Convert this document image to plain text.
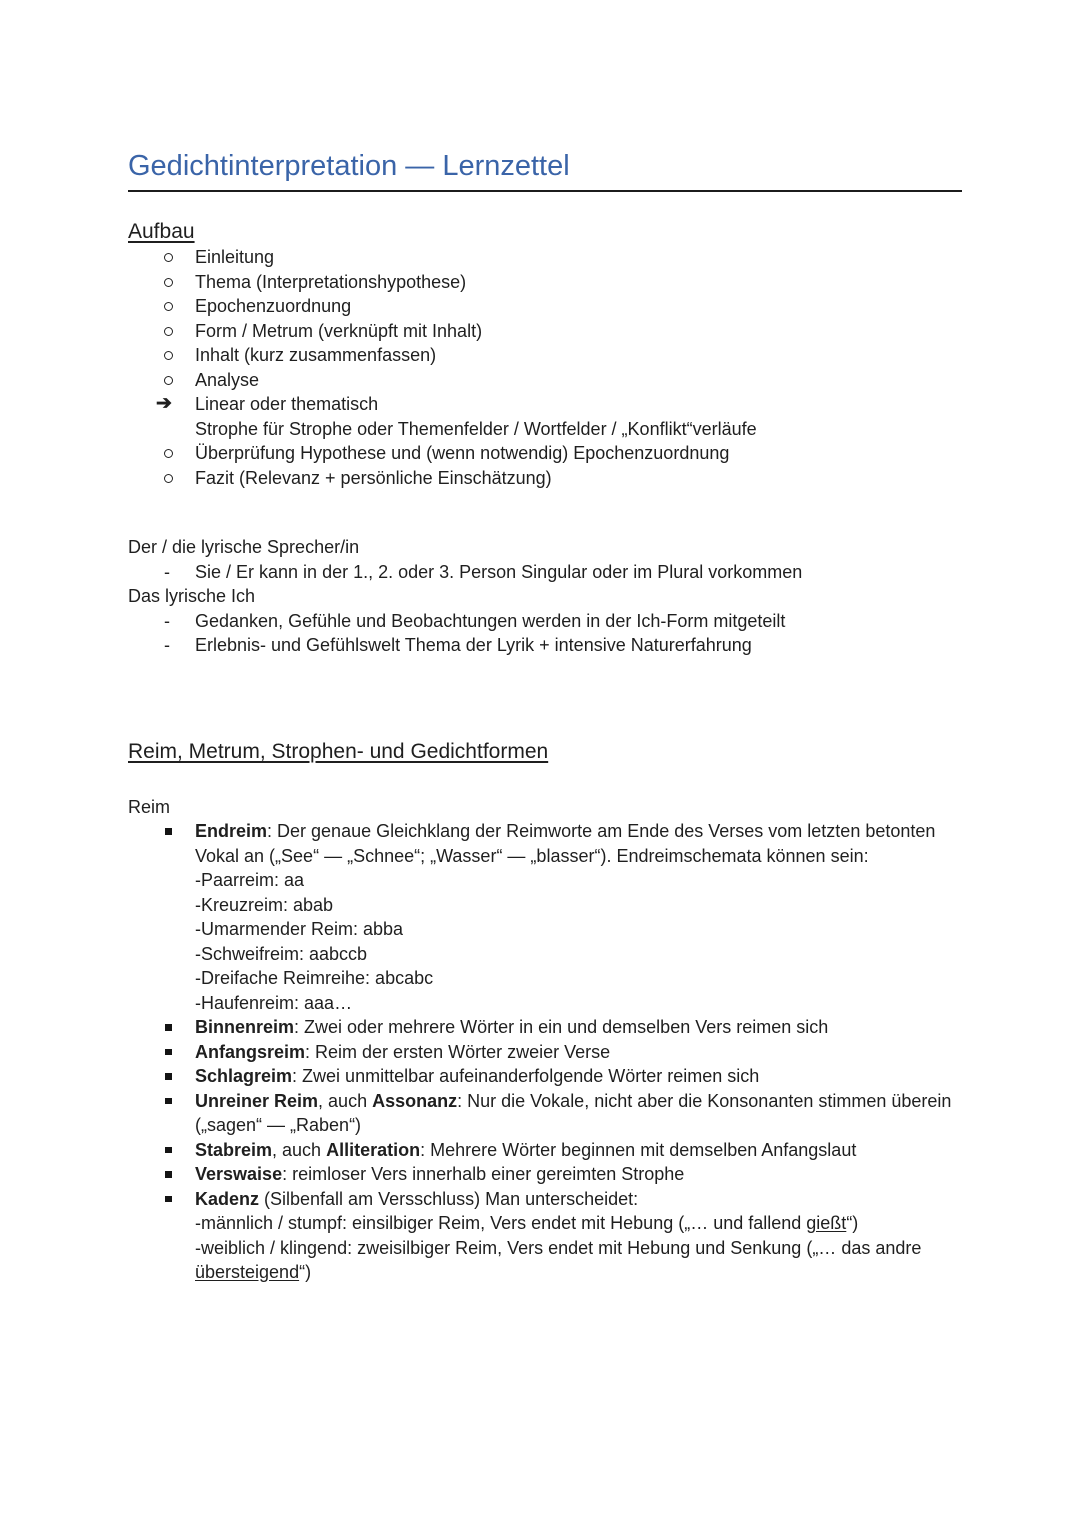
Gedichtinterpretation — Lernzettel
Aufbau
Einleitung
Thema (Interpretationshypothese)
Epochenzuordnung
Form / Metrum (verknüpft mit Inhalt)
Inhalt (kurz zusammenfassen)
Analyse
➔ Linear oder thematisch
Strophe für Strophe oder Themenfelder / Wortfelder / „Konflikt“verläufe
Überprüfung Hypothese und (wenn notwendig) Epochenzuordnung
Fazit (Relevanz + persönliche Einschätzung)
Der / die lyrische Sprecher/in
- Sie / Er kann in der 1., 2. oder 3. Person Singular oder im Plural vorkommen
Das lyrische Ich
- Gedanken, Gefühle und Beobachtungen werden in der Ich-Form mitgeteilt
- Erlebnis- und Gefühlswelt Thema der Lyrik + intensive Naturerfahrung
Reim, Metrum, Strophen- und Gedichtformen
Reim
Endreim: Der genaue Gleichklang der Reimworte am Ende des Verses vom letzten betonten
Vokal an („See“ — „Schnee“; „Wasser“ — „blasser“). Endreimschemata können sein:
-Paarreim: aa
-Kreuzreim: abab
-Umarmender Reim: abba
-Schweifreim: aabccb
-Dreifache Reimreihe: abcabc
-Haufenreim: aaa…
Binnenreim: Zwei oder mehrere Wörter in ein und demselben Vers reimen sich
Anfangsreim: Reim der ersten Wörter zweier Verse
Schlagreim: Zwei unmittelbar aufeinanderfolgende Wörter reimen sich
Unreiner Reim, auch Assonanz: Nur die Vokale, nicht aber die Konsonanten stimmen überein
(„sagen“ — „Raben“)
Stabreim, auch Alliteration: Mehrere Wörter beginnen mit demselben Anfangslaut
Verswaise: reimloser Vers innerhalb einer gereimten Strophe
Kadenz (Silbenfall am Versschluss) Man unterscheidet:
-männlich / stumpf: einsilbiger Reim, Vers endet mit Hebung („… und fallend gießt“)
-weiblich / klingend: zweisilbiger Reim, Vers endet mit Hebung und Senkung („… das andre
übersteigend“)
